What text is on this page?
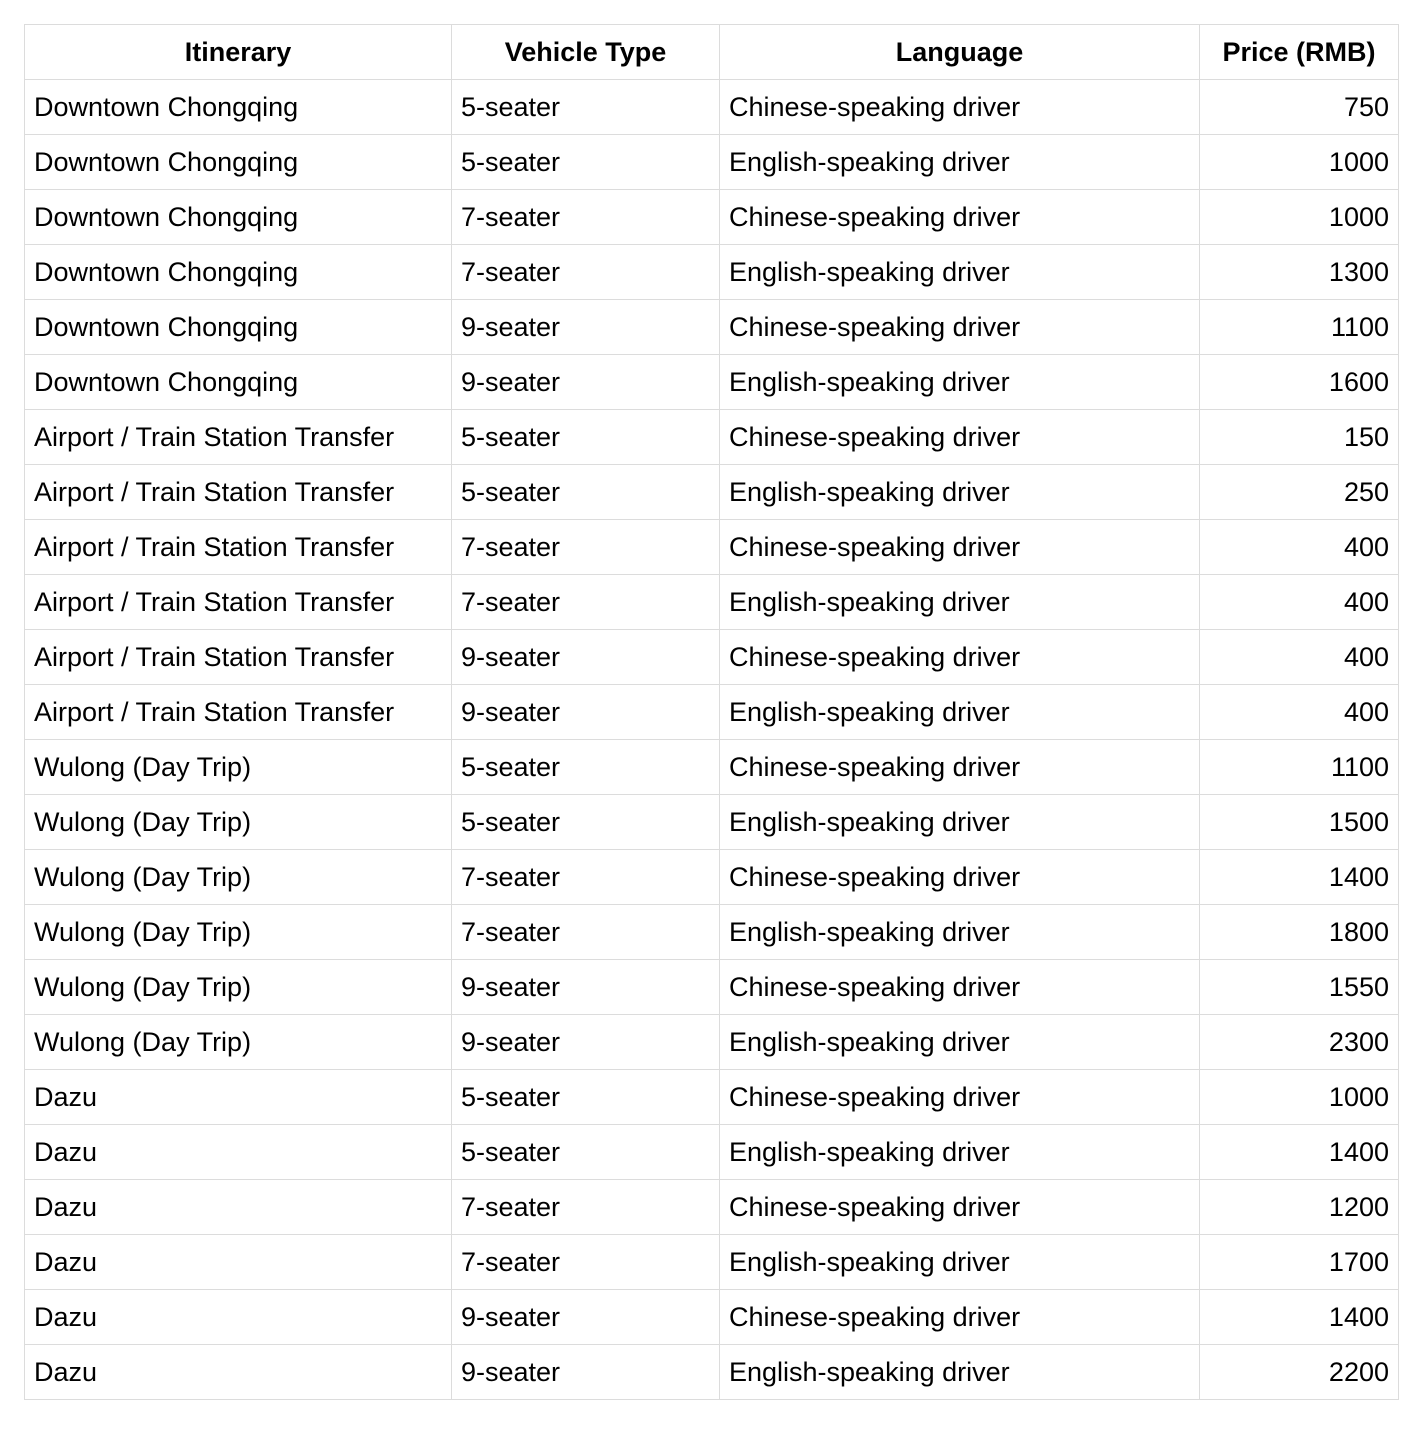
Itinerary	Vehicle Type	Language	Price (RMB)
Downtown Chongqing	5-seater	Chinese-speaking driver	750
Downtown Chongqing	5-seater	English-speaking driver	1000
Downtown Chongqing	7-seater	Chinese-speaking driver	1000
Downtown Chongqing	7-seater	English-speaking driver	1300
Downtown Chongqing	9-seater	Chinese-speaking driver	1100
Downtown Chongqing	9-seater	English-speaking driver	1600
Airport / Train Station Transfer	5-seater	Chinese-speaking driver	150
Airport / Train Station Transfer	5-seater	English-speaking driver	250
Airport / Train Station Transfer	7-seater	Chinese-speaking driver	400
Airport / Train Station Transfer	7-seater	English-speaking driver	400
Airport / Train Station Transfer	9-seater	Chinese-speaking driver	400
Airport / Train Station Transfer	9-seater	English-speaking driver	400
Wulong (Day Trip)	5-seater	Chinese-speaking driver	1100
Wulong (Day Trip)	5-seater	English-speaking driver	1500
Wulong (Day Trip)	7-seater	Chinese-speaking driver	1400
Wulong (Day Trip)	7-seater	English-speaking driver	1800
Wulong (Day Trip)	9-seater	Chinese-speaking driver	1550
Wulong (Day Trip)	9-seater	English-speaking driver	2300
Dazu	5-seater	Chinese-speaking driver	1000
Dazu	5-seater	English-speaking driver	1400
Dazu	7-seater	Chinese-speaking driver	1200
Dazu	7-seater	English-speaking driver	1700
Dazu	9-seater	Chinese-speaking driver	1400
Dazu	9-seater	English-speaking driver	2200
